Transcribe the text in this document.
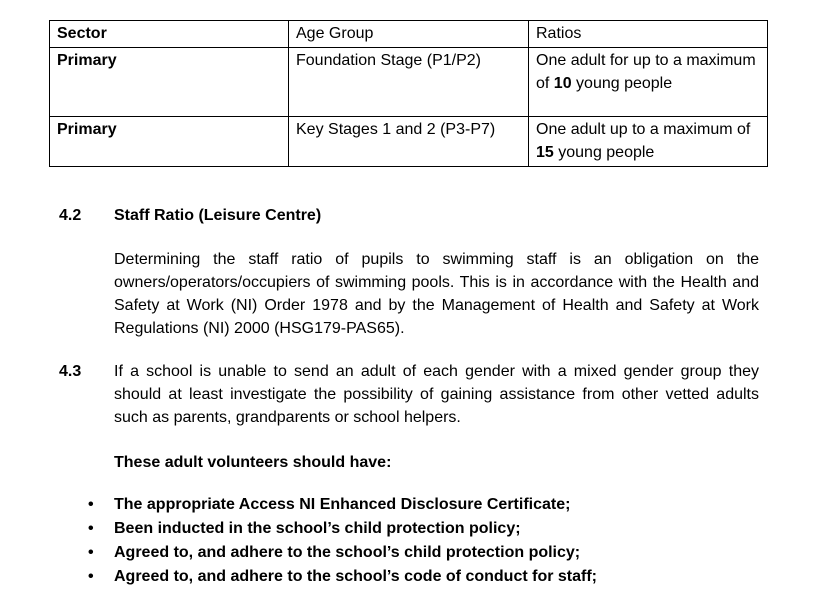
Sector	Age Group	Ratios
Primary	Foundation Stage (P1/P2)	One adult for up to a maximum of 10 young people
Primary	Key Stages 1 and 2 (P3-P7)	One adult up to a maximum of 15 young people
4.2 Staff Ratio (Leisure Centre)
Determining the staff ratio of pupils to swimming staff is an obligation on the owners/operators/occupiers of swimming pools. This is in accordance with the Health and Safety at Work (NI) Order 1978 and by the Management of Health and Safety at Work Regulations (NI) 2000 (HSG179-PAS65).
4.3 If a school is unable to send an adult of each gender with a mixed gender group they should at least investigate the possibility of gaining assistance from other vetted adults such as parents, grandparents or school helpers.
These adult volunteers should have:
•	The appropriate Access NI Enhanced Disclosure Certificate;
•	Been inducted in the school’s child protection policy;
•	Agreed to, and adhere to the school’s child protection policy;
•	Agreed to, and adhere to the school’s code of conduct for staff;
